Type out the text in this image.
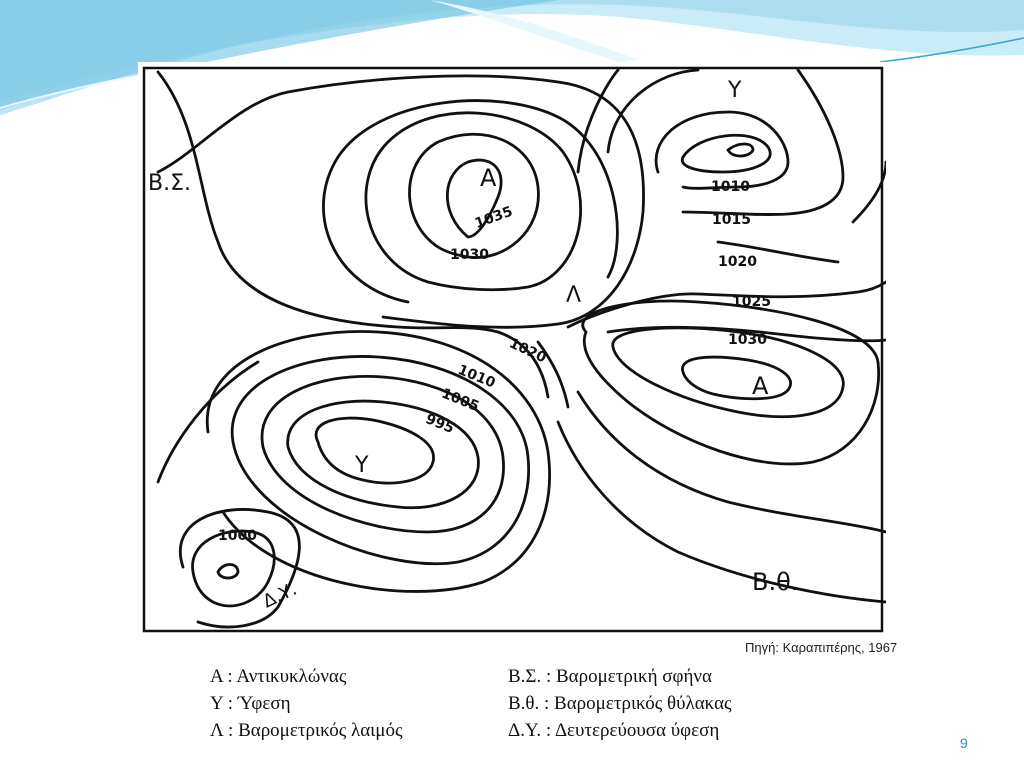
A
A
Y
Y
Λ
B.Σ.
B.θ.
Δ.Υ.
1035
1030
1010
1015
1020
1025
1030
1020
1010
1005
995
1000
Πηγή: Καραπιπέρης, 1967
Α : Αντικυκλώνας
Υ : Ύφεση
Λ : Βαρομετρικός λαιμός
Β.Σ. : Βαρομετρική σφήνα
Β.θ. : Βαρομετρικός θύλακας
Δ.Υ. : Δευτερεύουσα ύφεση
9
